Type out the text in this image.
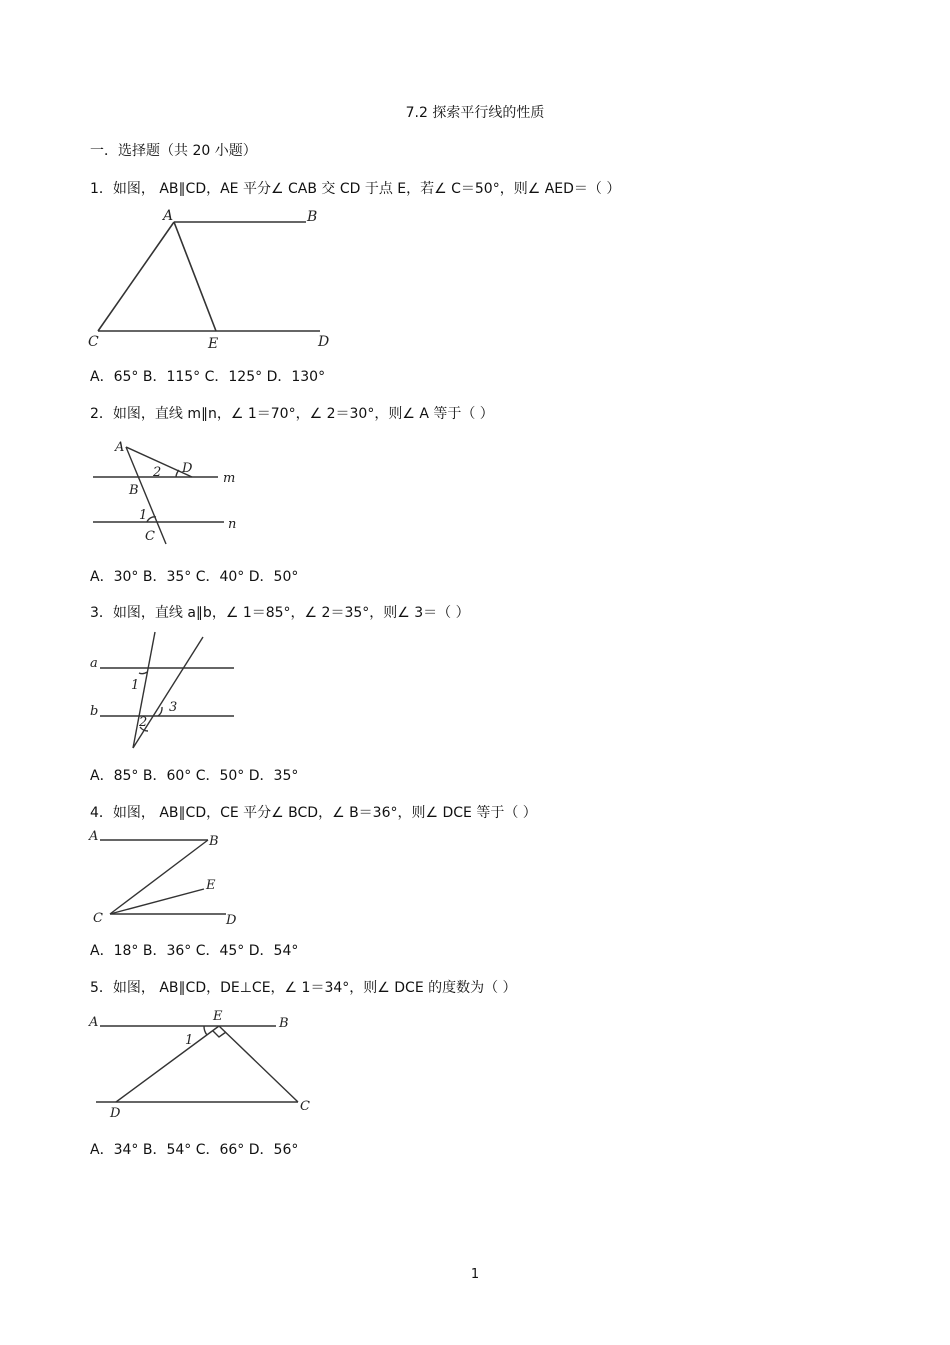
7.2 探索平行线的性质
一．选择题（共 20 小题）
1．如图， AB∥CD，AE 平分∠ CAB 交 CD 于点 E，若∠ C＝50°，则∠ AED＝（ ）
A	B
C	E	D
A．65° B．115° C．125° D．130°
2．如图，直线 m∥n，∠ 1＝70°，∠ 2＝30°，则∠ A 等于（ ）
A
D
m
2
B
1
n
C
A．30° B．35° C．40° D．50°
3．如图，直线 a∥b，∠ 1＝85°，∠ 2＝35°，则∠ 3＝（ ）
a
1
b	3
2
A．85° B．60° C．50° D．35°
4．如图， AB∥CD，CE 平分∠ BCD，∠ B＝36°，则∠ DCE 等于（ ）
A	B
E
C	D
A．18° B．36° C．45° D．54°
5．如图， AB∥CD，DE⊥CE，∠ 1＝34°，则∠ DCE 的度数为（ ）
A	E	B
1
D	C
A．34° B．54° C．66° D．56°
1
